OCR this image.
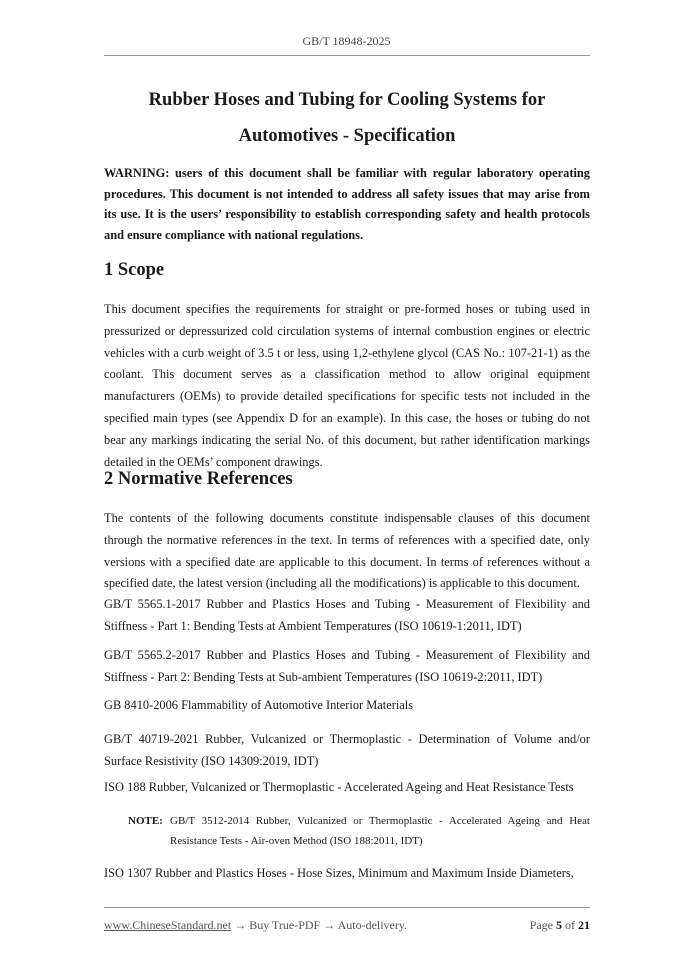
GB/T 18948-2025
Rubber Hoses and Tubing for Cooling Systems for
Automotives - Specification
WARNING: users of this document shall be familiar with regular laboratory operating procedures. This document is not intended to address all safety issues that may arise from its use. It is the users’ responsibility to establish corresponding safety and health protocols and ensure compliance with national regulations.
1 Scope
This document specifies the requirements for straight or pre-formed hoses or tubing used in pressurized or depressurized cold circulation systems of internal combustion engines or electric vehicles with a curb weight of 3.5 t or less, using 1,2-ethylene glycol (CAS No.: 107-21-1) as the coolant. This document serves as a classification method to allow original equipment manufacturers (OEMs) to provide detailed specifications for specific tests not included in the specified main types (see Appendix D for an example). In this case, the hoses or tubing do not bear any markings indicating the serial No. of this document, but rather identification markings detailed in the OEMs’ component drawings.
2 Normative References
The contents of the following documents constitute indispensable clauses of this document through the normative references in the text. In terms of references with a specified date, only versions with a specified date are applicable to this document. In terms of references without a specified date, the latest version (including all the modifications) is applicable to this document.
GB/T 5565.1-2017 Rubber and Plastics Hoses and Tubing - Measurement of Flexibility and Stiffness - Part 1: Bending Tests at Ambient Temperatures (ISO 10619-1:2011, IDT)
GB/T 5565.2-2017 Rubber and Plastics Hoses and Tubing - Measurement of Flexibility and Stiffness - Part 2: Bending Tests at Sub-ambient Temperatures (ISO 10619-2:2011, IDT)
GB 8410-2006 Flammability of Automotive Interior Materials
GB/T 40719-2021 Rubber, Vulcanized or Thermoplastic - Determination of Volume and/or Surface Resistivity (ISO 14309:2019, IDT)
ISO 188 Rubber, Vulcanized or Thermoplastic - Accelerated Ageing and Heat Resistance Tests
NOTE: GB/T 3512-2014 Rubber, Vulcanized or Thermoplastic - Accelerated Ageing and Heat Resistance Tests - Air-oven Method (ISO 188:2011, IDT)
ISO 1307 Rubber and Plastics Hoses - Hose Sizes, Minimum and Maximum Inside Diameters,
www.ChineseStandard.net → Buy True-PDF → Auto-delivery.	Page 5 of 21
